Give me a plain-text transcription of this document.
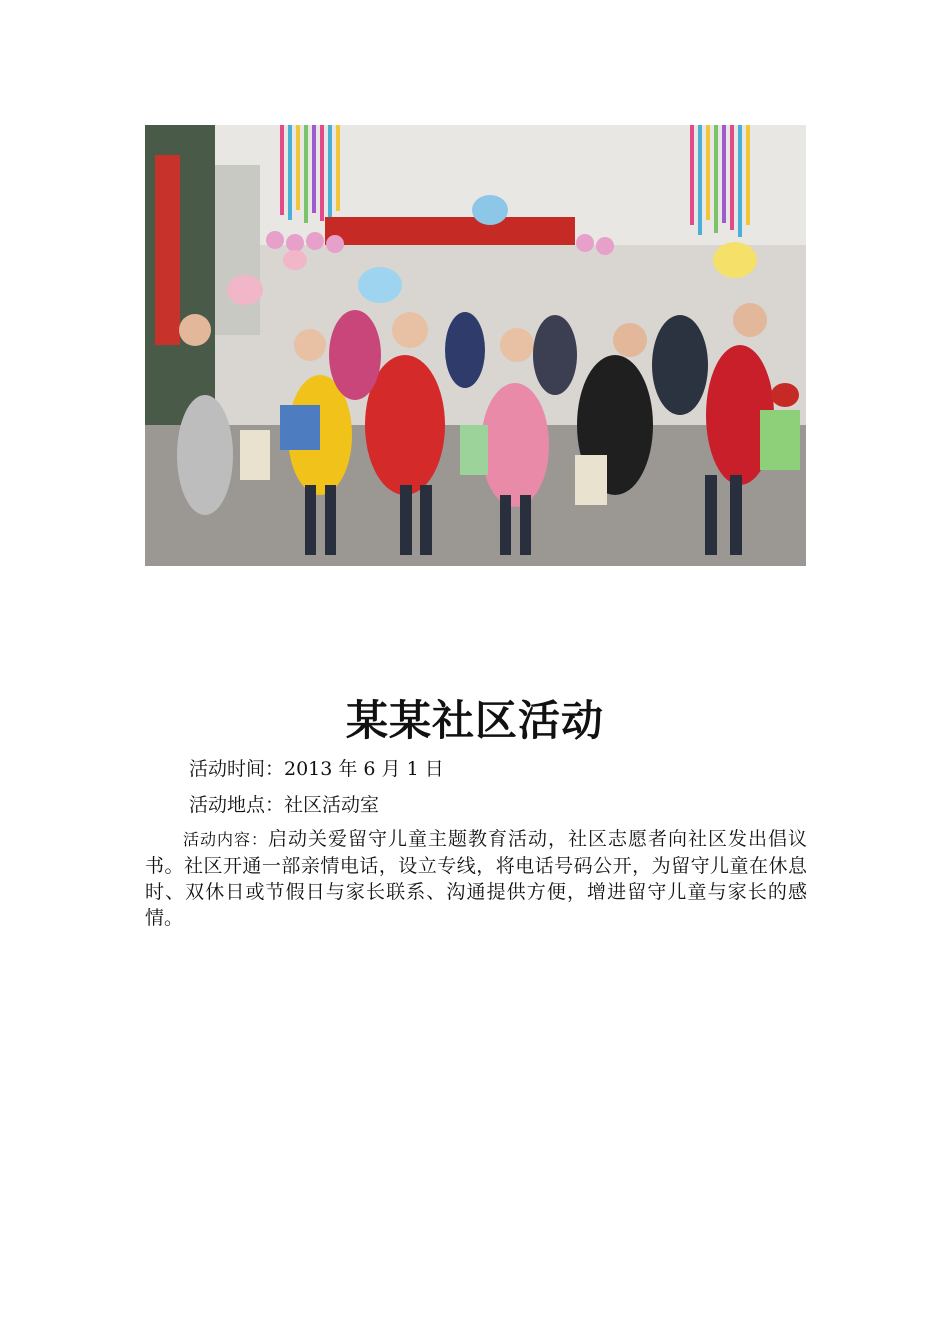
某某社区活动
活动时间：2013 年 6 月 1 日
活动地点：社区活动室
活动内容：启动关爱留守儿童主题教育活动，社区志愿者向社区发出倡议书。社区开通一部亲情电话，设立专线，将电话号码公开，为留守儿童在休息时、双休日或节假日与家长联系、沟通提供方便，增进留守儿童与家长的感情。
